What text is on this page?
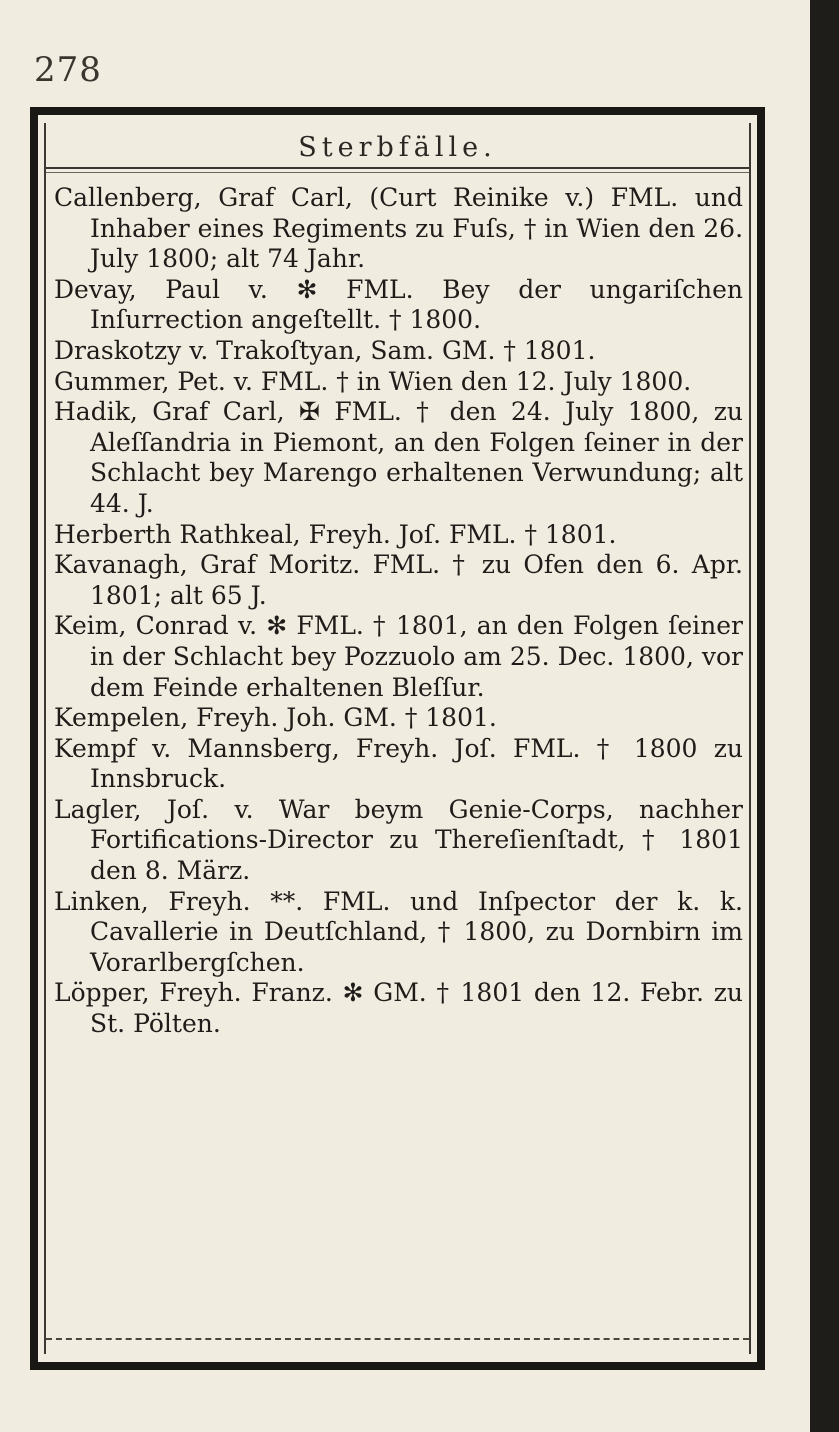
278
Sterbfälle.
Callenberg, Graf Carl, (Curt Reinike v.) FML. und Inhaber eines Regiments zu Fuſs, † in Wien den 26. July 1800; alt 74 Jahr.
Devay, Paul v. ✻ FML. Bey der ungariſchen Inſurrection angeſtellt. † 1800.
Draskotzy v. Trakoſtyan, Sam. GM. † 1801.
Gummer, Pet. v. FML. † in Wien den 12. July 1800.
Hadik, Graf Carl, ✠ FML. † den 24. July 1800, zu Aleſſandria in Piemont, an den Folgen ſeiner in der Schlacht bey Marengo erhaltenen Verwundung; alt 44. J.
Herberth Rathkeal, Freyh. Joſ. FML. † 1801.
Kavanagh, Graf Moritz. FML. † zu Ofen den 6. Apr. 1801; alt 65 J.
Keim, Conrad v. ✻ FML. † 1801, an den Folgen ſeiner in der Schlacht bey Pozzuolo am 25. Dec. 1800, vor dem Feinde erhaltenen Bleſſur.
Kempelen, Freyh. Joh. GM. † 1801.
Kempf v. Mannsberg, Freyh. Joſ. FML. † 1800 zu Innsbruck.
Lagler, Joſ. v. War beym Genie-Corps, nachher Fortifications-Director zu Thereſienſtadt, † 1801 den 8. März.
Linken, Freyh. **. FML. und Inſpector der k. k. Cavallerie in Deutſchland, † 1800, zu Dornbirn im Vorarlbergſchen.
Löpper, Freyh. Franz. ✻ GM. † 1801 den 12. Febr. zu St. Pölten.
